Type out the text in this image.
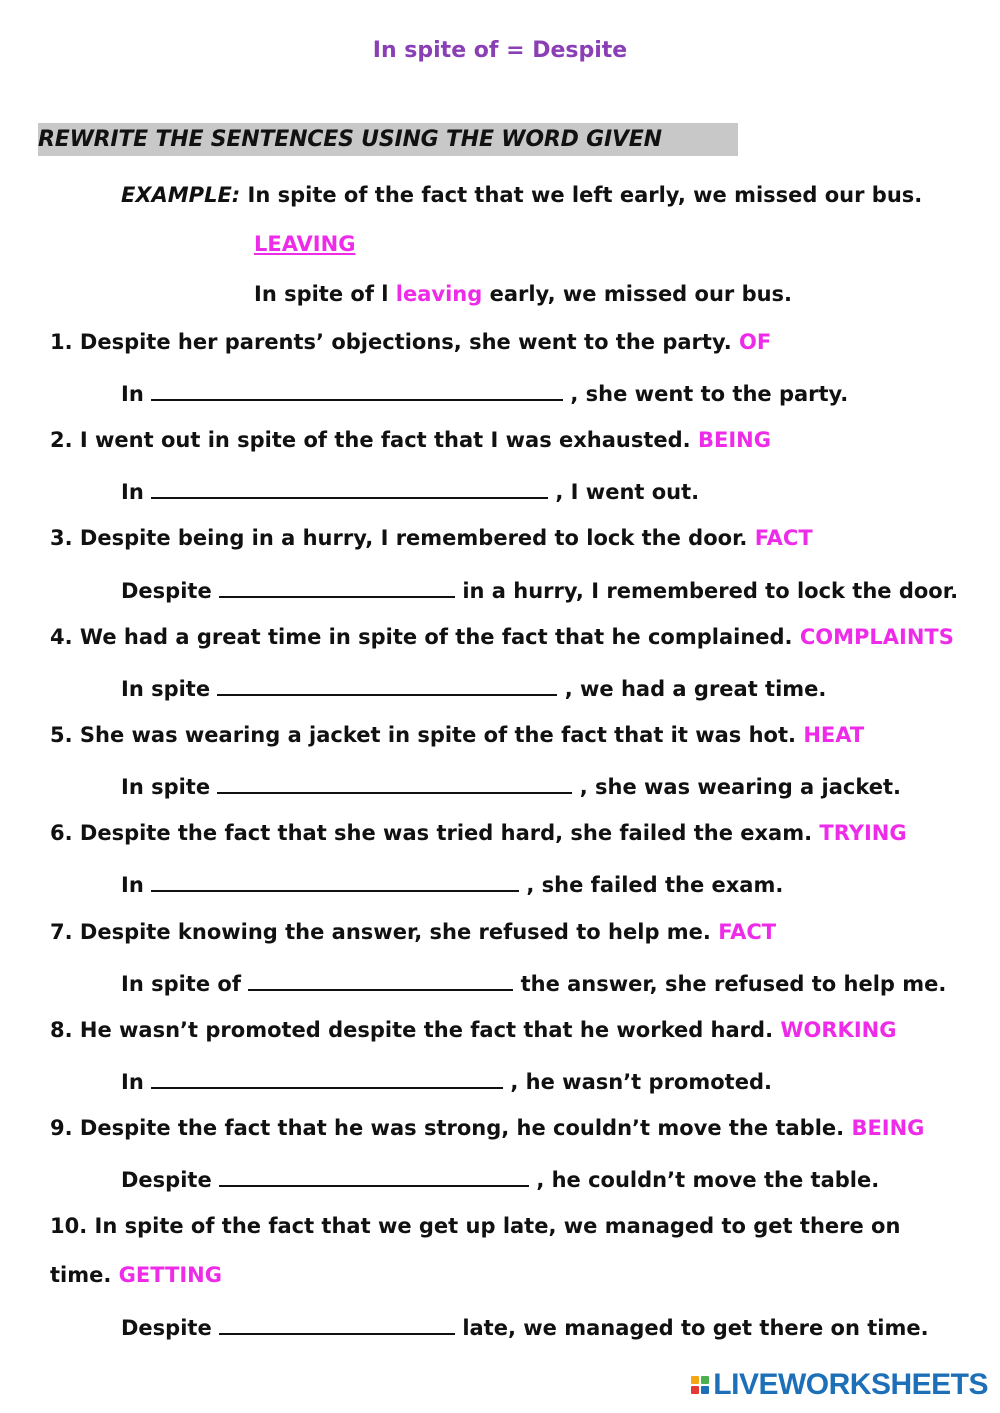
In spite of = Despite
REWRITE THE SENTENCES USING THE WORD GIVEN
EXAMPLE: In spite of the fact that we left early, we missed our bus.
LEAVING
In spite of l leaving early, we missed our bus.
1. Despite her parents’ objections, she went to the party. OF
In	, she went to the party.
2. I went out in spite of the fact that I was exhausted. BEING
In	, I went out.
3. Despite being in a hurry, I remembered to lock the door. FACT
Despite	in a hurry, I remembered to lock the door.
4. We had a great time in spite of the fact that he complained. COMPLAINTS
In spite	, we had a great time.
5. She was wearing a jacket in spite of the fact that it was hot. HEAT
In spite	, she was wearing a jacket.
6. Despite the fact that she was tried hard, she failed the exam. TRYING
In	, she failed the exam.
7. Despite knowing the answer, she refused to help me. FACT
In spite of	the answer, she refused to help me.
8. He wasn’t promoted despite the fact that he worked hard. WORKING
In	, he wasn’t promoted.
9. Despite the fact that he was strong, he couldn’t move the table. BEING
Despite	, he couldn’t move the table.
10. In spite of the fact that we get up late, we managed to get there on
time. GETTING
Despite	late, we managed to get there on time.
LIVEWORKSHEETS
